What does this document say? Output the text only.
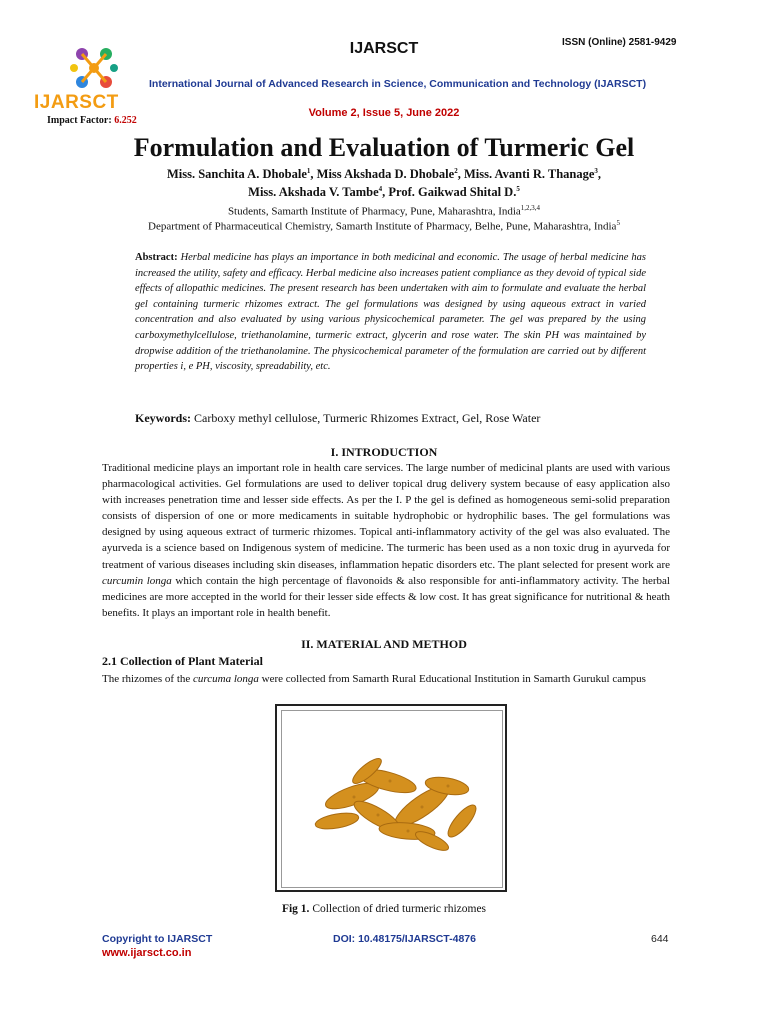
IJARSCT
Impact Factor: 6.252
IJARSCT	ISSN (Online) 2581-9429
International Journal of Advanced Research in Science, Communication and Technology (IJARSCT)
Volume 2, Issue 5, June 2022
Formulation and Evaluation of Turmeric Gel
Miss. Sanchita A. Dhobale$^1$, Miss Akshada D. Dhobale$^2$, Miss. Avanti R. Thanage$^3$,
Miss. Akshada V. Tambe$^4$, Prof. Gaikwad Shital D.$^5$
Students, Samarth Institute of Pharmacy, Pune, Maharashtra, India$^{1,2,3,4}$
Department of Pharmaceutical Chemistry, Samarth Institute of Pharmacy, Belhe, Pune, Maharashtra, India$^5$
Abstract: Herbal medicine has plays an importance in both medicinal and economic. The usage of herbal medicine has increased the utility, safety and efficacy. Herbal medicine also increases patient compliance as they devoid of typical side effects of allopathic medicines. The present research has been undertaken with aim to formulate and evaluate the herbal gel containing turmeric rhizomes extract. The gel formulations was designed by using aqueous extract in varied concentration and also evaluated by using various physicochemical parameter. The gel was prepared by the using carboxymethylcellulose, triethanolamine, turmeric extract, glycerin and rose water. The skin PH was maintained by dropwise addition of the triethanolamine. The physicochemical parameter of the formulation are carried out by different properties i, e PH, viscosity, spreadability, etc.
Keywords: Carboxy methyl cellulose, Turmeric Rhizomes Extract, Gel, Rose Water
I. INTRODUCTION
Traditional medicine plays an important role in health care services. The large number of medicinal plants are used with various pharmacological activities. Gel formulations are used to deliver topical drug delivery system because of easy application also with increases penetration time and lesser side effects. As per the I. P the gel is defined as homogeneous semi-solid preparation consists of dispersion of one or more medicaments in suitable hydrophobic or hydrophilic bases. The gel formulations was designed by using aqueous extract of turmeric rhizomes. Topical anti-inflammatory activity of the gel was also evaluated. The ayurveda is a science based on Indigenous system of medicine. The turmeric has been used as a non toxic drug in ayurveda for treatment of various diseases including skin diseases, inflammation hepatic disorders etc. The plant selected for present work are curcumin longa which contain the high percentage of flavonoids & also responsible for anti-inflammatory activity. The herbal medicines are more accepted in the world for their lesser side effects & low cost. It has great significance for nutritional & heath benefits. It plays an important role in health benefit.
II. MATERIAL AND METHOD
2.1 Collection of Plant Material
The rhizomes of the curcuma longa were collected from Samarth Rural Educational Institution in Samarth Gurukul campus
Fig 1. Collection of dried turmeric rhizomes
Copyright to IJARSCT
www.ijarsct.co.in
DOI: 10.48175/IJARSCT-4876	644
